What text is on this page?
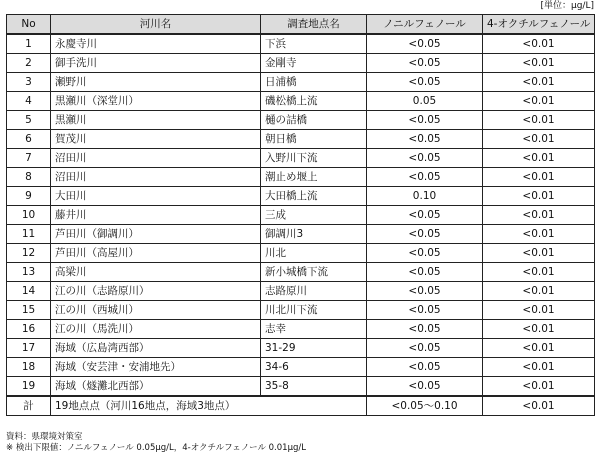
[単位：μg/L]
No	河川名	調査地点名	ノニルフェノール	4-オクチルフェノール
1	永慶寺川	下浜	<0.05	<0.01
2	御手洗川	金剛寺	<0.05	<0.01
3	瀬野川	日浦橋	<0.05	<0.01
4	黒瀬川（深堂川）	磯松橋上流	0.05	<0.01
5	黒瀬川	樋の詰橋	<0.05	<0.01
6	賀茂川	朝日橋	<0.05	<0.01
7	沼田川	入野川下流	<0.05	<0.01
8	沼田川	潮止め堰上	<0.05	<0.01
9	大田川	大田橋上流	0.10	<0.01
10	藤井川	三成	<0.05	<0.01
11	芦田川（御調川）	御調川3	<0.05	<0.01
12	芦田川（高屋川）	川北	<0.05	<0.01
13	高梁川	新小城橋下流	<0.05	<0.01
14	江の川（志路原川）	志路原川	<0.05	<0.01
15	江の川（西城川）	川北川下流	<0.05	<0.01
16	江の川（馬洗川）	志幸	<0.05	<0.01
17	海域（広島湾西部）	31-29	<0.05	<0.01
18	海域（安芸津・安浦地先）	34-6	<0.05	<0.01
19	海域（燧灘北西部）	35-8	<0.05	<0.01
計	19地点点（河川16地点，海域3地点）		<0.05〜0.10	<0.01
資料：県環境対策室
※ 検出下限値：ノニルフェノール 0.05μg/L，4-オクチルフェノール 0.01μg/L
